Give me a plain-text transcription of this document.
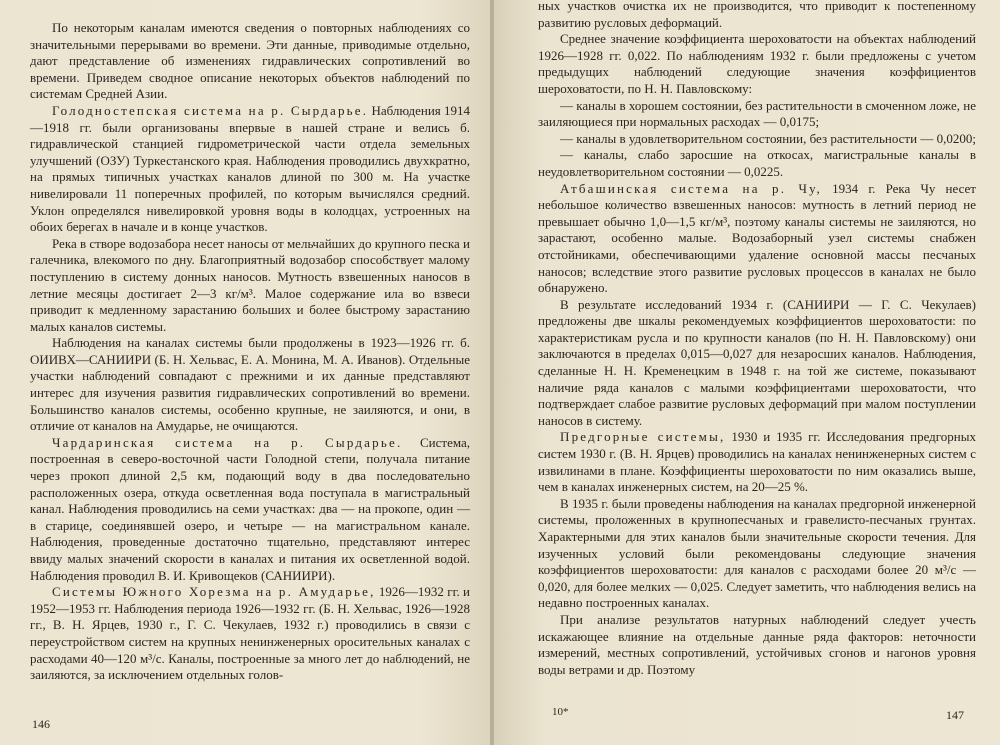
По некоторым каналам имеются сведения о повторных наблюдениях со значительными перерывами во времени. Эти данные, приводимые отдельно, дают представление об изменениях гидравлических сопротивлений во времени. Приведем сводное описание некоторых объектов наблюдений по системам Средней Азии.

Голодностепская система на р. Сырдарье. Наблюдения 1914—1918 гг. были организованы впервые в нашей стране и велись б. гидравлической станцией гидрометрической части отдела земельных улучшений (ОЗУ) Туркестанского края. Наблюдения проводились двухкратно, на прямых типичных участках каналов длиной по 300 м. На участке нивелировали 11 поперечных профилей, по которым вычислялся средний. Уклон определялся нивелировкой уровня воды в колодцах, устроенных на обоих берегах в начале и в конце участков.

Река в створе водозабора несет наносы от мельчайших до крупного песка и галечника, влекомого по дну. Благоприятный водозабор способствует малому поступлению в систему донных наносов. Мутность взвешенных наносов в летние месяцы достигает 2—3 кг/м³. Малое содержание ила во взвеси приводит к медленному зарастанию больших и более быстрому зарастанию малых каналов системы.

Наблюдения на каналах системы были продолжены в 1923—1926 гг. б. ОИИВХ—САНИИРИ (Б. Н. Хельвас, Е. А. Монина, М. А. Иванов). Отдельные участки наблюдений совпадают с прежними и их данные представляют интерес для изучения развития гидравлических сопротивлений во времени. Большинство каналов системы, особенно крупные, не заиляются, и они, в отличие от каналов на Амударье, не очищаются.

Чардаринская система на р. Сырдарье. Система, построенная в северо-восточной части Голодной степи, получала питание через прокоп длиной 2,5 км, подающий воду в два последовательно расположенных озера, откуда осветленная вода поступала в магистральный канал. Наблюдения проводились на семи участках: два — на прокопе, один — в старице, соединявшей озеро, и четыре — на магистральном канале. Наблюдения, проведенные достаточно тщательно, представляют интерес ввиду малых значений скорости в каналах и питания их осветленной водой. Наблюдения проводил В. И. Кривощеков (САНИИРИ).

Системы Южного Хорезма на р. Амударье, 1926—1932 гг. и 1952—1953 гг. Наблюдения периода 1926—1932 гг. (Б. Н. Хельвас, 1926—1928 гг., В. Н. Ярцев, 1930 г., Г. С. Чекулаев, 1932 г.) проводились в связи с переустройством систем на крупных ненинженерных оросительных каналах с расходами 40—120 м³/с. Каналы, построенные за много лет до наблюдений, не заиляются, за исключением отдельных голов-

146

ных участков очистка их не производится, что приводит к постепенному развитию русловых деформаций.

Среднее значение коэффициента шероховатости на объектах наблюдений 1926—1928 гг. 0,022. По наблюдениям 1932 г. были предложены с учетом предыдущих наблюдений следующие значения коэффициентов шероховатости, по Н. Н. Павловскому:

— каналы в хорошем состоянии, без растительности в смоченном ложе, не заиляющиеся при нормальных расходах — 0,0175;

— каналы в удовлетворительном состоянии, без растительности — 0,0200;

— каналы, слабо заросшие на откосах, магистральные каналы в неудовлетворительном состоянии — 0,0225.

Атбашинская система на р. Чу, 1934 г. Река Чу несет небольшое количество взвешенных наносов: мутность в летний период не превышает обычно 1,0—1,5 кг/м³, поэтому каналы системы не заиляются, но зарастают, особенно малые. Водозаборный узел системы снабжен отстойниками, обеспечивающими удаление основной массы песчаных наносов; вследствие этого развитие русловых процессов в каналах не было обнаружено.

В результате исследований 1934 г. (САНИИРИ — Г. С. Чекулаев) предложены две шкалы рекомендуемых коэффициентов шероховатости: по характеристикам русла и по крупности каналов (по Н. Н. Павловскому) они заключаются в пределах 0,015—0,027 для незаросших каналов. Наблюдения, сделанные Н. Н. Кременецким в 1948 г. на той же системе, показывают наличие ряда каналов с малыми коэффициентами шероховатости, что подтверждает слабое развитие русловых деформаций при малом поступлении наносов в систему.

Предгорные системы, 1930 и 1935 гг. Исследования предгорных систем 1930 г. (В. Н. Ярцев) проводились на каналах ненинженерных систем с извилинами в плане. Коэффициенты шероховатости по ним оказались выше, чем в каналах инженерных систем, на 20—25 %.

В 1935 г. были проведены наблюдения на каналах предгорной инженерной системы, проложенных в крупнопесчаных и гравелисто-песчаных грунтах. Характерными для этих каналов были значительные скорости течения. Для изученных условий были рекомендованы следующие значения коэффициентов шероховатости: для каналов с расходами более 20 м³/с — 0,020, для более мелких — 0,025. Следует заметить, что наблюдения велись на недавно построенных каналах.

При анализе результатов натурных наблюдений следует учесть искажающее влияние на отдельные данные ряда факторов: неточности измерений, местных сопротивлений, устойчивых сгонов и нагонов уровня воды ветрами и др. Поэтому

10*	147
